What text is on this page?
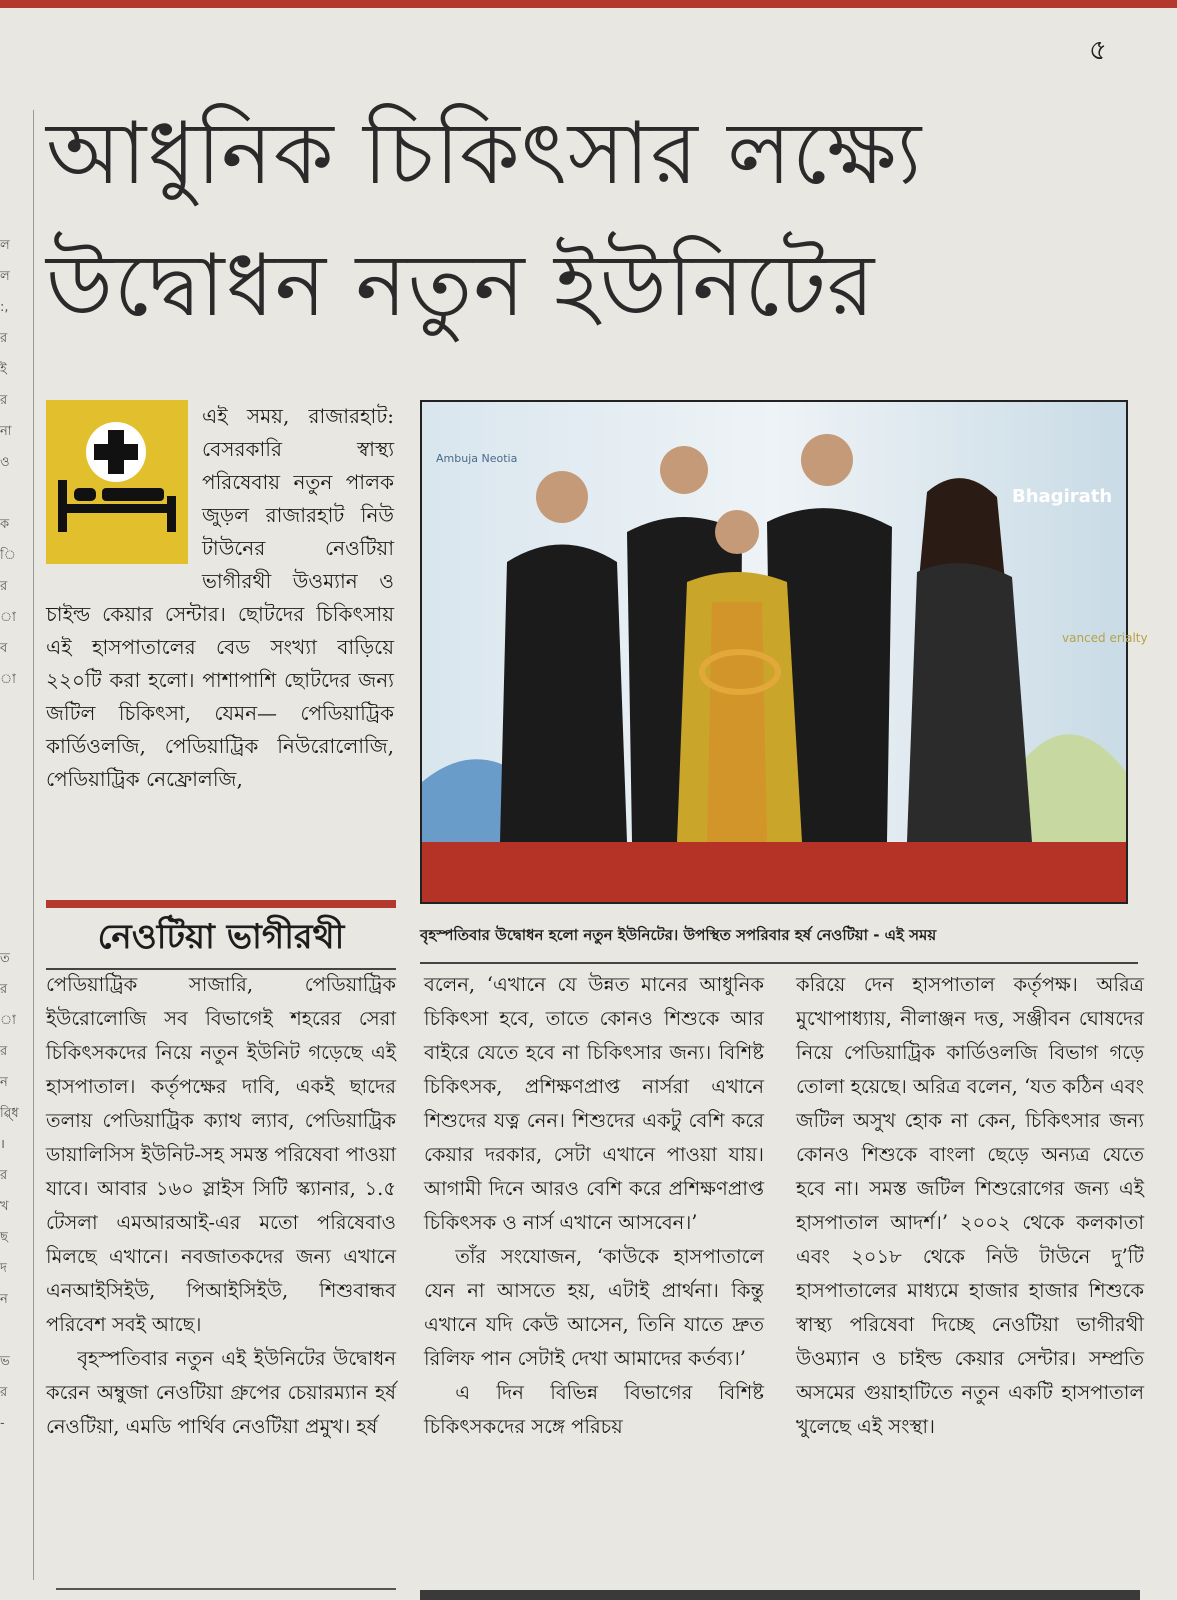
৫
ল
ল
:,
র
ই
র
না
ও

ক
ি
র
া
ব
া

ত
র
া
র
ন
ৱ্ধি
।
র
খ
ছ
দ
ন

ভ
র
-
আধুনিক চিকিৎসার লক্ষ্যে উদ্বোধন নতুন ইউনিটের

এই সময়, রাজারহাট: বেসরকারি স্বাস্থ্য পরিষেবায় নতুন পালক জুড়ল রাজারহাট নিউ টাউনের নেওটিয়া ভাগীরথী উওম্যান ও চাইল্ড কেয়ার সেন্টার। ছোটদের চিকিৎসায় এই হাসপাতালের বেড সংখ্যা বাড়িয়ে ২২০টি করা হলো। পাশাপাশি ছোটদের জন্য জটিল চিকিৎসা, যেমন— পেডিয়াট্রিক কার্ডিওলজি, পেডিয়াট্রিক নিউরোলোজি, পেডিয়াট্রিক নেফ্রোলজি,

নেওটিয়া ভাগীরথী
Ambuja Neotia
Bhagirath
vanced erialty

বৃহস্পতিবার উদ্বোধন হলো নতুন ইউনিটের। উপস্থিত সপরিবার হর্ষ নেওটিয়া - এই সময়

পেডিয়াট্রিক সাজারি, পেডিয়াট্রিক ইউরোলোজি সব বিভাগেই শহরের সেরা চিকিৎসকদের নিয়ে নতুন ইউনিট গড়েছে এই হাসপাতাল। কর্তৃপক্ষের দাবি, একই ছাদের তলায় পেডিয়াট্রিক ক্যাথ ল্যাব, পেডিয়াট্রিক ডায়ালিসিস ইউনিট-সহ সমস্ত পরিষেবা পাওয়া যাবে। আবার ১৬০ স্লাইস সিটি স্ক্যানার, ১.৫ টেসলা এমআরআই-এর মতো পরিষেবাও মিলছে এখানে। নবজাতকদের জন্য এখানে এনআইসিইউ, পিআইসিইউ, শিশুবান্ধব পরিবেশ সবই আছে।

বৃহস্পতিবার নতুন এই ইউনিটের উদ্বোধন করেন অম্বুজা নেওটিয়া গ্রুপের চেয়ারম্যান হর্ষ নেওটিয়া, এমডি পার্থিব নেওটিয়া প্রমুখ। হর্ষ

বলেন, ‘এখানে যে উন্নত মানের আধুনিক চিকিৎসা হবে, তাতে কোনও শিশুকে আর বাইরে যেতে হবে না চিকিৎসার জন্য। বিশিষ্ট চিকিৎসক, প্রশিক্ষণপ্রাপ্ত নার্সরা এখানে শিশুদের যত্ন নেন। শিশুদের একটু বেশি করে কেয়ার দরকার, সেটা এখানে পাওয়া যায়। আগামী দিনে আরও বেশি করে প্রশিক্ষণপ্রাপ্ত চিকিৎসক ও নার্স এখানে আসবেন।’

তাঁর সংযোজন, ‘কাউকে হাসপাতালে যেন না আসতে হয়, এটাই প্রার্থনা। কিন্তু এখানে যদি কেউ আসেন, তিনি যাতে দ্রুত রিলিফ পান সেটাই দেখা আমাদের কর্তব্য।’

এ দিন বিভিন্ন বিভাগের বিশিষ্ট চিকিৎসকদের সঙ্গে পরিচয়

করিয়ে দেন হাসপাতাল কর্তৃপক্ষ। অরিত্র মুখোপাধ্যায়, নীলাঞ্জন দত্ত, সঞ্জীবন ঘোষদের নিয়ে পেডিয়াট্রিক কার্ডিওলজি বিভাগ গড়ে তোলা হয়েছে। অরিত্র বলেন, ‘যত কঠিন এবং জটিল অসুখ হোক না কেন, চিকিৎসার জন্য কোনও শিশুকে বাংলা ছেড়ে অন্যত্র যেতে হবে না। সমস্ত জটিল শিশুরোগের জন্য এই হাসপাতাল আদর্শ।’ ২০০২ থেকে কলকাতা এবং ২০১৮ থেকে নিউ টাউনে দু’টি হাসপাতালের মাধ্যমে হাজার হাজার শিশুকে স্বাস্থ্য পরিষেবা দিচ্ছে নেওটিয়া ভাগীরথী উওম্যান ও চাইল্ড কেয়ার সেন্টার। সম্প্রতি অসমের গুয়াহাটিতে নতুন একটি হাসপাতাল খুলেছে এই সংস্থা।
